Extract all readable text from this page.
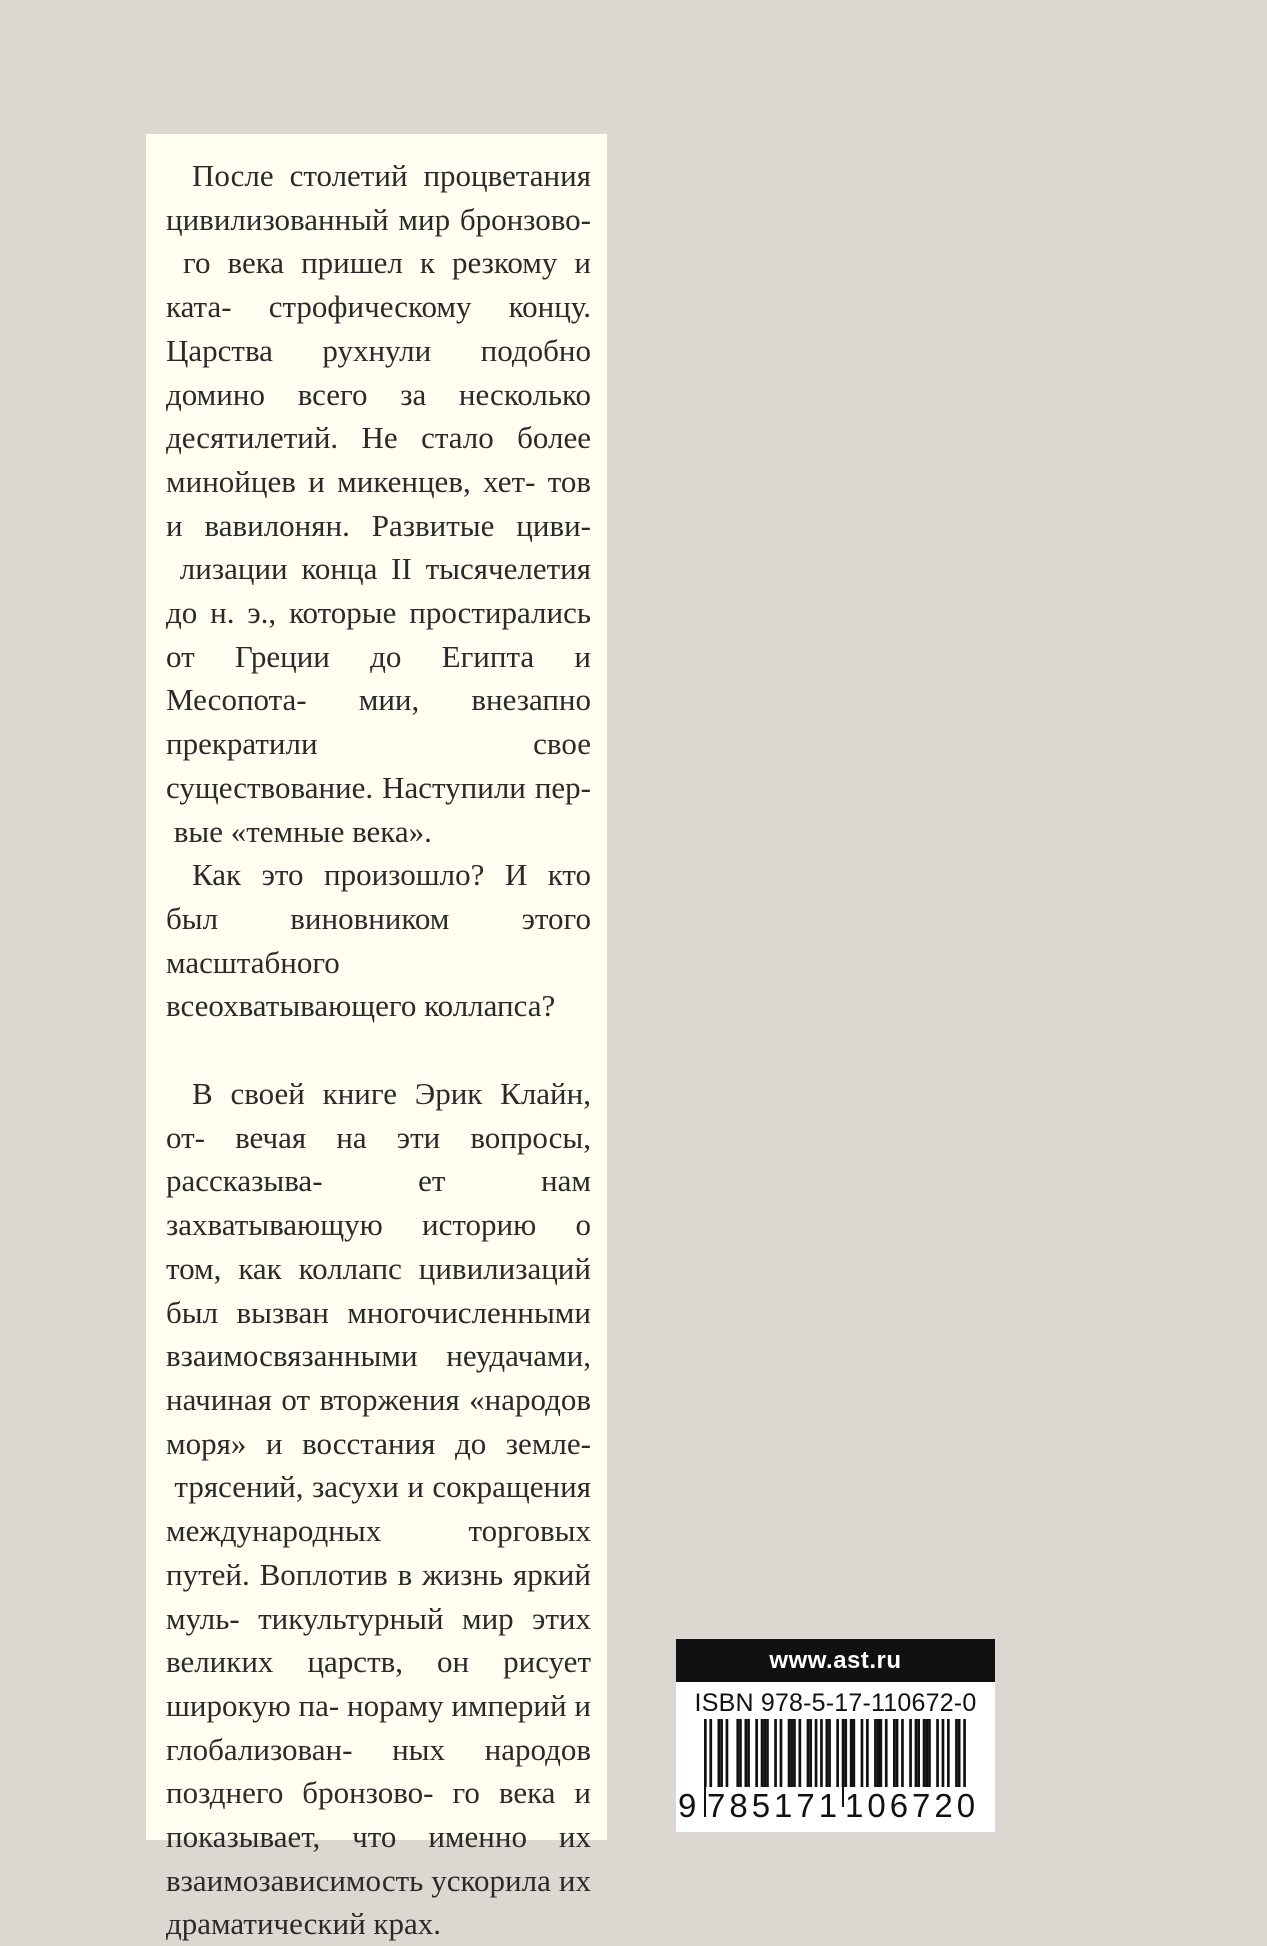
После столетий процветания цивилизованный мир бронзово- го века пришел к резкому и ката- строфическому концу. Царства рухнули подобно домино всего за несколько десятилетий. Не стало более минойцев и микенцев, хет- тов и вавилонян. Развитые циви- лизации конца II тысячелетия до н. э., которые простирались от Греции до Египта и Месопота- мии, внезапно прекратили свое существование. Наступили пер- вые «темные века».

Как это произошло? И кто был виновником этого масштабного всеохватывающего коллапса?

В своей книге Эрик Клайн, от- вечая на эти вопросы, рассказыва- ет нам захватывающую историю о том, как коллапс цивилизаций был вызван многочисленными взаимосвязанными неудачами, начиная от вторжения «народов моря» и восстания до земле- трясений, засухи и сокращения международных торговых путей. Воплотив в жизнь яркий муль- тикультурный мир этих великих царств, он рисует широкую па- нораму империй и глобализован- ных народов позднего бронзово- го века и показывает, что именно их взаимозависимость ускорила их драматический крах.

www.ast.ru
ISBN 978-5-17-110672-0
9 785171 106720
